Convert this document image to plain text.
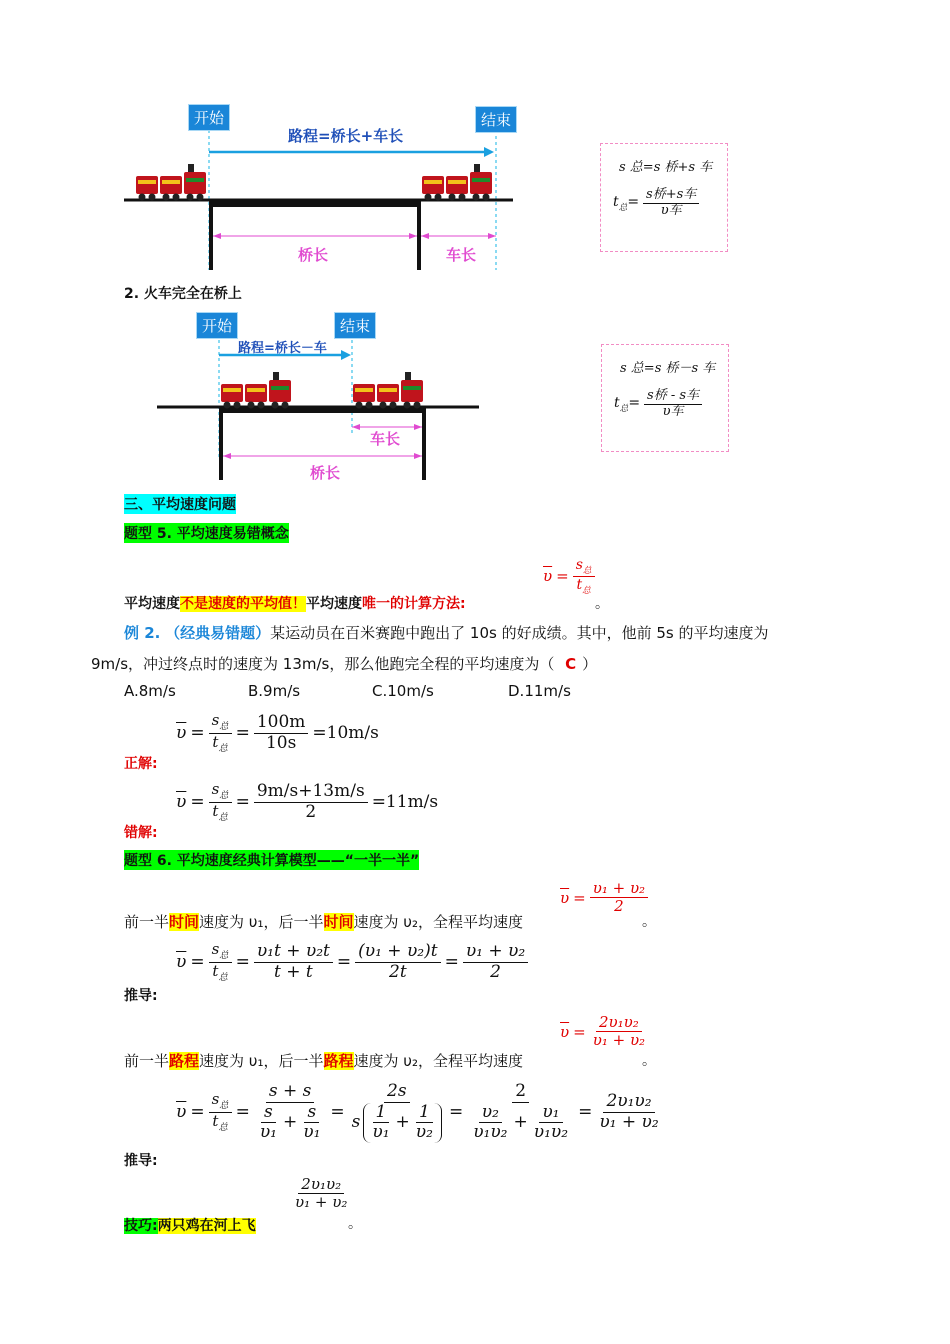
开始	结束
路程=桥长+车长
桥长	车长
s 总=s 桥+s 车
$t_总= \frac{\text{s桥+s车}}{\text{υ车}}$
2. 火车完全在桥上
开始	结束
路程=桥长－车
车长
桥长
s 总=s 桥－s 车
$t_总= \frac{\text{s桥 - s车}}{\text{υ车}}$
三、平均速度问题
题型 5. 平均速度易错概念
$\overline{\upsilon} = \frac{s_总}{t_总}$
平均速度不是速度的平均值！平均速度唯一的计算方法:	。
例 2. （经典易错题）某运动员在百米赛跑中跑出了 10s 的好成绩。其中，他前 5s 的平均速度为
9m/s，冲过终点时的速度为 13m/s，那么他跑完全程的平均速度为（ C ）
A.8m/s	B.9m/s	C.10m/s	D.11m/s
$\overline{\upsilon} = \frac{s_总}{t_总} = \frac{100m}{10s} =10m/s$
正解:
$\overline{\upsilon} = \frac{s_总}{t_总} = \frac{9m/s+13m/s}{2} =11m/s$
错解:
题型 6. 平均速度经典计算模型——“一半一半”
$\overline{\upsilon} = \frac{\text{υ₁ + υ₂}}{2}$
前一半时间速度为 υ₁，后一半时间速度为 υ₂，全程平均速度	。
$\overline{\upsilon} = \frac{s_总}{t_总} = \frac{\text{υ₁t + υ₂t}}{t + t} = \frac{\text{(υ₁ + υ₂)t}}{2t} = \frac{\text{υ₁ + υ₂}}{2}$
推导:
$\overline{\upsilon} = \frac{\text{2υ₁υ₂}}{\text{υ₁ + υ₂}}$
前一半路程速度为 υ₁，后一半路程速度为 υ₂，全程平均速度	。
$\overline{\upsilon} = \frac{s_总}{t_总} = \frac{s + s}{\frac{s}{\text{υ₁}} + \frac{s}{\text{υ₁}}} = \frac{2s}{s \frac{1}{\text{υ₁}} + \frac{1}{\text{υ₂}}} = \frac{2}{\frac{\text{υ₂}}{\text{υ₁υ₂}} + \frac{\text{υ₁}}{\text{υ₁υ₂}}} = \frac{\text{2υ₁υ₂}}{\text{υ₁ + υ₂}}$
推导:
$\frac{\text{2υ₁υ₂}}{\text{υ₁ + υ₂}}$
技巧:两只鸡在河上飞	。
